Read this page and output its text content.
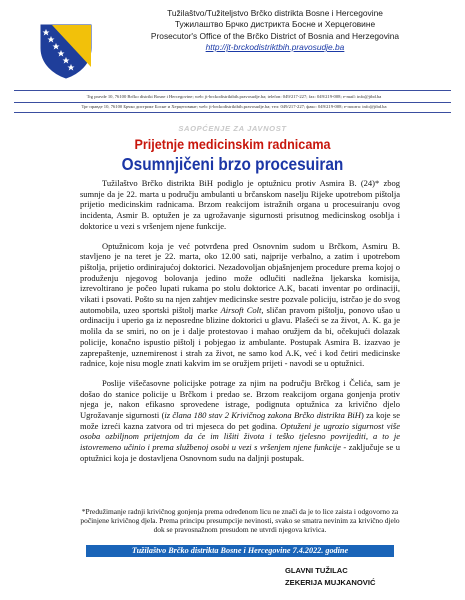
Tužilaštvo/Tužiteljstvo Brčko distrikta Bosne i Hercegovine
Тужилаштво Брчко дистрикта Босне и Херцеговине
Prosecutor's Office of the Brčko District of Bosnia and Herzegovina
http://jt-brckodistriktbih.pravosudje.ba
Trg pravde 10, 76100 Brčko distrikt Bosne i Hercegovine; web: jt-brckodistriktbih.pravosudje.ba; telefon: 049/217-227; fax: 049/219-008; e-mail: info@jtbd.ba
Трг правде 10, 76100 Брчко дистрикт Босне и Херцеговине; web: jt-brckodistriktbih.pravosudje.ba; тел: 049/217-227; факс: 049/219-008; е-пошта: info@jtbd.ba
SAOPĆENJE ZA JAVNOST
Prijetnje medicinskim radnicama
Osumnjičeni brzo procesuiran

Tužilaštvo Brčko distrikta BiH podiglo je optužnicu protiv Asmira B. (24)* zbog sumnje da je 22. marta u području ambulanti u brčanskom naselju Rijeke upotrebom pištolja prijetio medicinskim radnicama. Brzom reakcijom istražnih organa u procesuiranju ovog incidenta, Asmir B. optužen je za ugrožavanje sigurnosti prisutnog medicinskog osoblja i doktorice u vezi s vršenjem njene funkcije.

Optužnicom koja je već potvrđena pred Osnovnim sudom u Brčkom, Asmiru B. stavljeno je na teret je 22. marta, oko 12.00 sati, najprije verbalno, a zatim i upotrebom pištolja, prijetio ordinirajućoj doktorici. Nezadovoljan objašnjenjem procedure prema kojoj o produženju njegovog bolovanja jedino može odlučiti nadležna ljekarska komisija, izrevoltirano je počeo lupati rukama po stolu doktorice A.K, bacati inventar po ordinaciji, vikati i psovati. Pošto su na njen zahtjev medicinske sestre pozvale policiju, istrčao je do svog automobila, uzeo sportski pištolj marke Airsoft Colt, sličan pravom pištolju, ponovo ušao u ordinaciju i uperio ga iz neposredne blizine doktorici u glavu. Plašeći se za život, A. K. ga je molila da se smiri, no on je i dalje protestovao i mahao oružjem da bi, očekujući dolazak policije, konačno ispustio pištolj i pobjegao iz ambulante. Postupak Asmira B. izazvao je zaprepaštenje, uznemirenost i strah za život, ne samo kod A.K, već i kod četiri medicinske radnice, koje nisu mogle znati kakvim im se oružjem prijeti - navodi se u optužnici.

Poslije višečasovne policijske potrage za njim na području Brčkog i Čelića, sam je došao do stanice policije u Brčkom i predao se. Brzom reakcijom organa gonjenja protiv njega je, nakon efikasno sprovedene istrage, podignuta optužnica za krivično djelo Ugrožavanje sigurnosti (iz člana 180 stav 2 Krivičnog zakona Brčko distrikta BiH) za koje se može izreći kazna zatvora od tri mjeseca do pet godina. Optuženi je ugrozio sigurnost više osoba ozbiljnom prijetnjom da će im lišiti života i teško tjelesno povrijediti, a to je istovremeno učinio i prema službenoj osobi u vezi s vršenjem njene funkcije - zaključuje se u optužnici koja je dostavljena Osnovnom sudu na daljnji postupak.

*Predužimanje radnji krivičnog gonjenja prema određenom licu ne znači da je to lice zaista i odgovorno za počinjene krivičnog djela. Prema principu presumpcije nevinosti, svako se smatra nevinim za krivično djelo dok se pravosnažnom presudom ne utvrdi njegova krivica.
Tužilaštvo Brčko distrikta Bosne i Hercegovine 7.4.2022. godine
GLAVNI TUŽILAC
ZEKERIJA MUJKANOVIĆ
